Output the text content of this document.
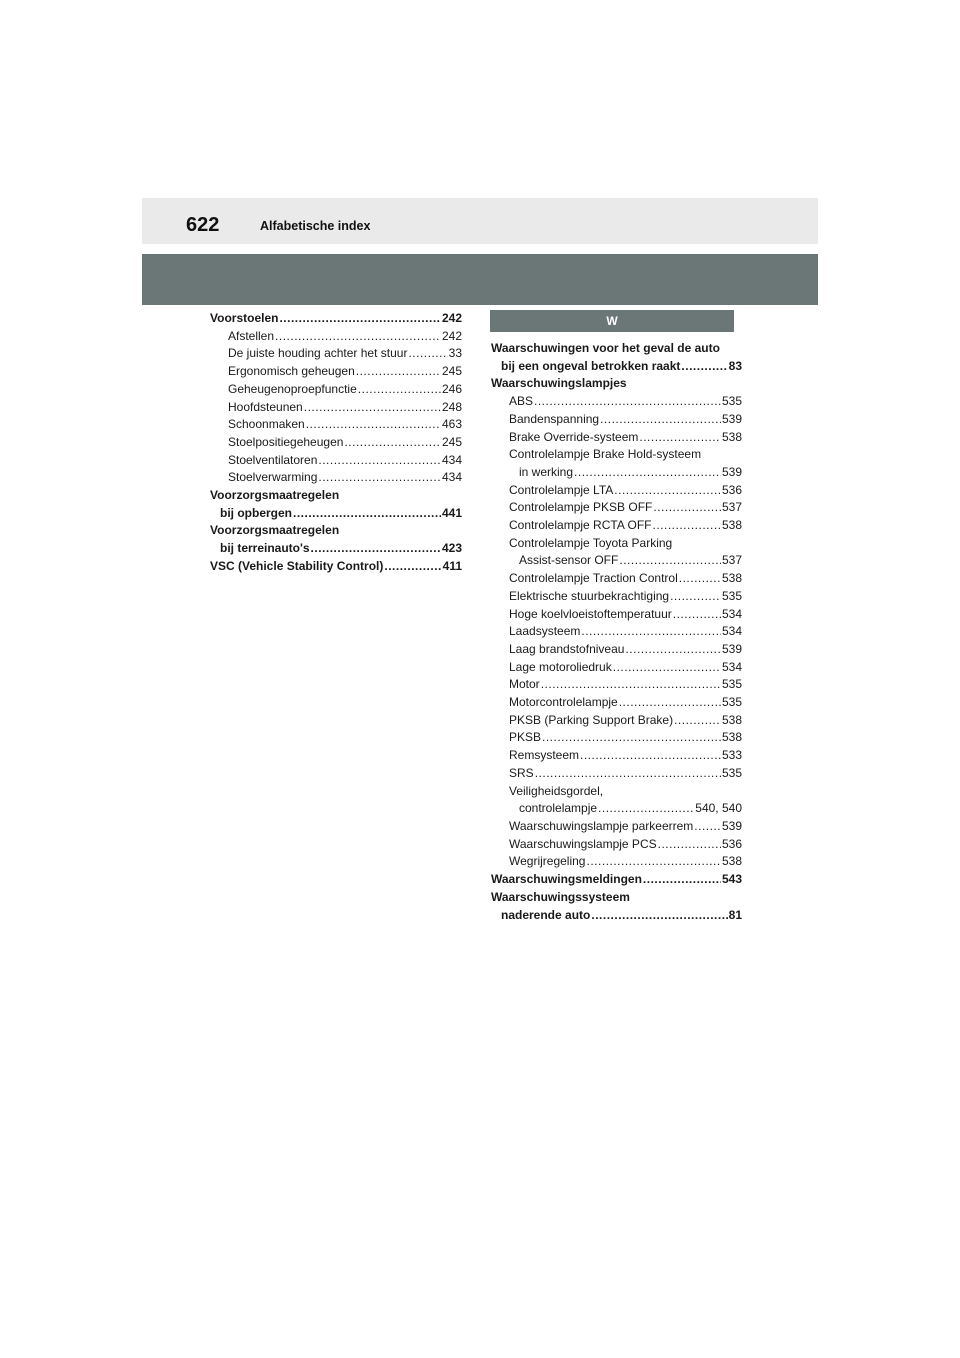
622	Alfabetische index
Voorstoelen .....	242
Afstellen .....	242
De juiste houding achter het stuur .....	33
Ergonomisch geheugen .....	245
Geheugenoproepfunctie .....	246
Hoofdsteunen .....	248
Schoonmaken .....	463
Stoelpositiegeheugen .....	245
Stoelventilatoren .....	434
Stoelverwarming .....	434
Voorzorgsmaatregelen
bij opbergen .....	441
Voorzorgsmaatregelen
bij terreinauto's .....	423
VSC (Vehicle Stability Control) .....	411
W
Waarschuwingen voor het geval de auto
bij een ongeval betrokken raakt .....	83
Waarschuwingslampjes
ABS .....	535
Bandenspanning .....	539
Brake Override-systeem .....	538
Controlelampje Brake Hold-systeem
in werking .....	539
Controlelampje LTA .....	536
Controlelampje PKSB OFF .....	537
Controlelampje RCTA OFF .....	538
Controlelampje Toyota Parking
Assist-sensor OFF .....	537
Controlelampje Traction Control .....	538
Elektrische stuurbekrachtiging .....	535
Hoge koelvloeistoftemperatuur .....	534
Laadsysteem .....	534
Laag brandstofniveau .....	539
Lage motoroliedruk .....	534
Motor .....	535
Motorcontrolelampje .....	535
PKSB (Parking Support Brake) .....	538
PKSB .....	538
Remsysteem .....	533
SRS .....	535
Veiligheidsgordel,
controlelampje .....	540, 540
Waarschuwingslampje parkeerrem ..... 539
Waarschuwingslampje PCS .....	536
Wegrijregeling .....	538
Waarschuwingsmeldingen .....	543
Waarschuwingssysteem
naderende auto .....	81
